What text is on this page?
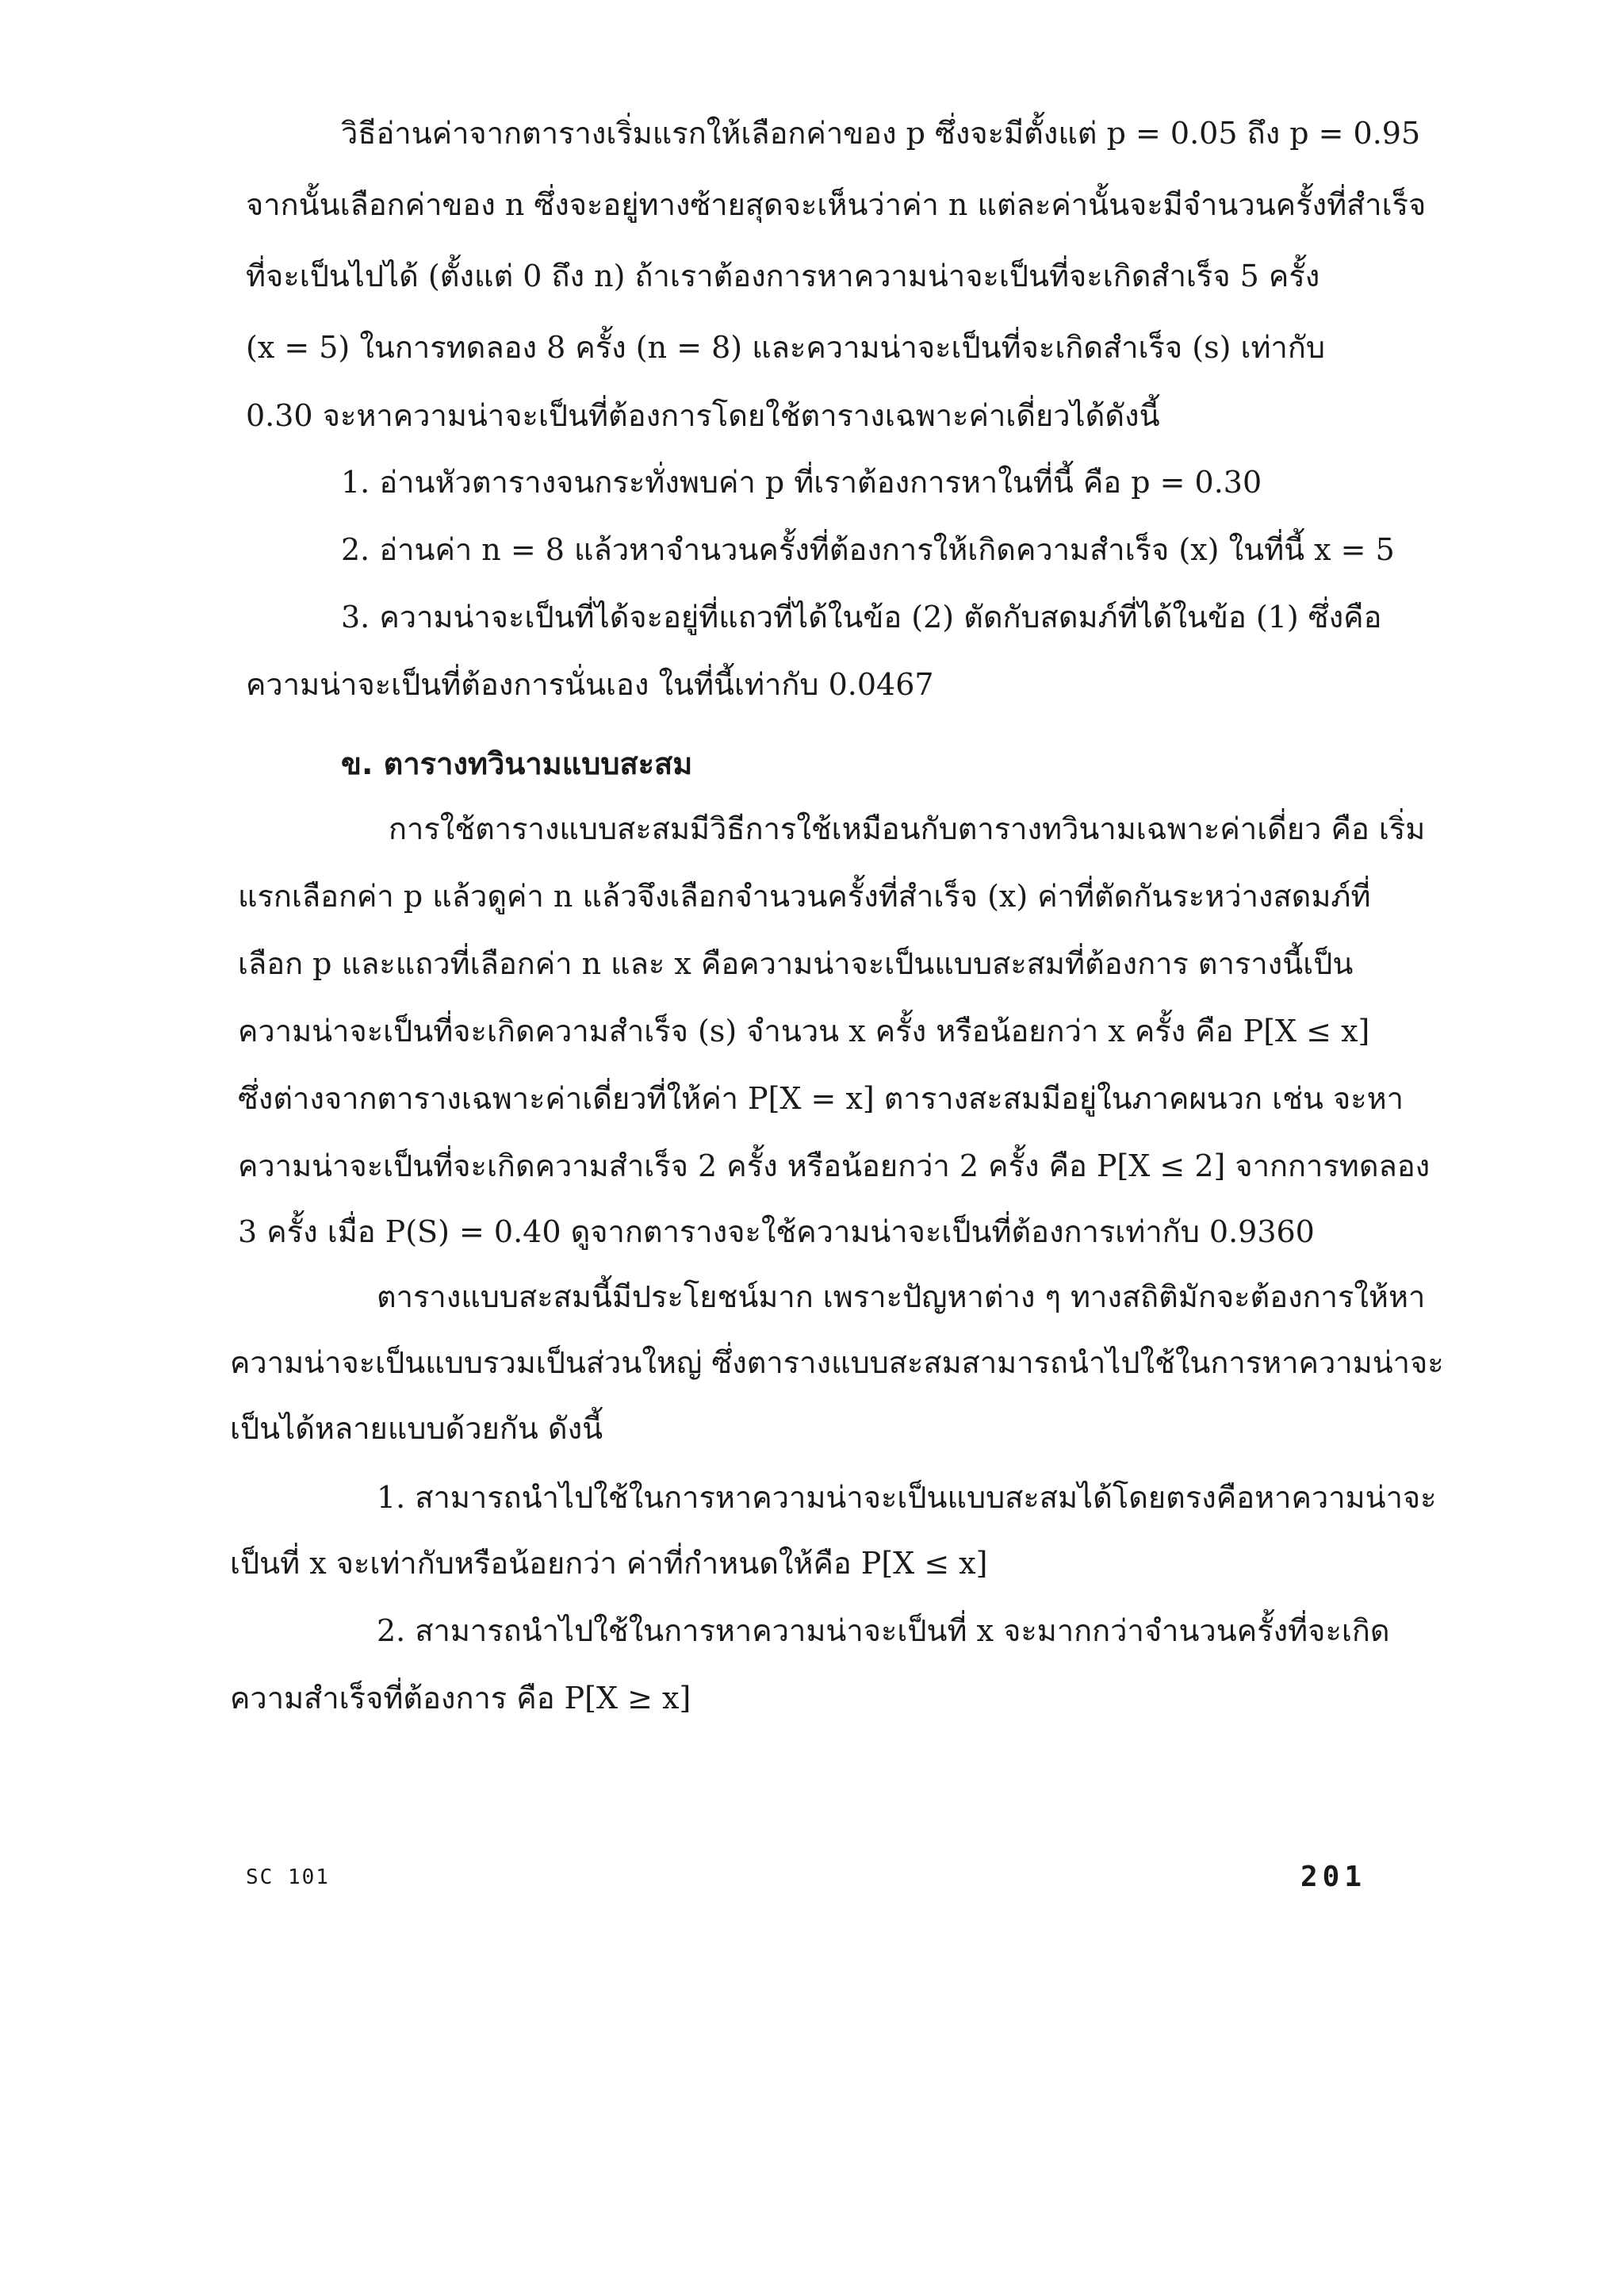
วิธีอ่านค่าจากตารางเริ่มแรกให้เลือกค่าของ p ซึ่งจะมีตั้งแต่ p = 0.05 ถึง p = 0.95
จากนั้นเลือกค่าของ n ซึ่งจะอยู่ทางซ้ายสุดจะเห็นว่าค่า n แต่ละค่านั้นจะมีจำนวนครั้งที่สำเร็จ
ที่จะเป็นไปได้ (ตั้งแต่ 0 ถึง n) ถ้าเราต้องการหาความน่าจะเป็นที่จะเกิดสำเร็จ 5 ครั้ง
(x = 5) ในการทดลอง 8 ครั้ง (n = 8) และความน่าจะเป็นที่จะเกิดสำเร็จ (s) เท่ากับ
0.30 จะหาความน่าจะเป็นที่ต้องการโดยใช้ตารางเฉพาะค่าเดี่ยวได้ดังนี้
1. อ่านหัวตารางจนกระทั่งพบค่า p ที่เราต้องการหาในที่นี้ คือ p = 0.30
2. อ่านค่า n = 8 แล้วหาจำนวนครั้งที่ต้องการให้เกิดความสำเร็จ (x) ในที่นี้ x = 5
3. ความน่าจะเป็นที่ได้จะอยู่ที่แถวที่ได้ในข้อ (2) ตัดกับสดมภ์ที่ได้ในข้อ (1) ซึ่งคือ
ความน่าจะเป็นที่ต้องการนั่นเอง ในที่นี้เท่ากับ 0.0467
ข. ตารางทวินามแบบสะสม
การใช้ตารางแบบสะสมมีวิธีการใช้เหมือนกับตารางทวินามเฉพาะค่าเดี่ยว คือ เริ่ม
แรกเลือกค่า p แล้วดูค่า n แล้วจึงเลือกจำนวนครั้งที่สำเร็จ (x) ค่าที่ตัดกันระหว่างสดมภ์ที่
เลือก p และแถวที่เลือกค่า n และ x คือความน่าจะเป็นแบบสะสมที่ต้องการ ตารางนี้เป็น
ความน่าจะเป็นที่จะเกิดความสำเร็จ (s) จำนวน x ครั้ง หรือน้อยกว่า x ครั้ง คือ P[X ≤ x]
ซึ่งต่างจากตารางเฉพาะค่าเดี่ยวที่ให้ค่า P[X = x] ตารางสะสมมีอยู่ในภาคผนวก เช่น จะหา
ความน่าจะเป็นที่จะเกิดความสำเร็จ 2 ครั้ง หรือน้อยกว่า 2 ครั้ง คือ P[X ≤ 2] จากการทดลอง
3 ครั้ง เมื่อ P(S) = 0.40 ดูจากตารางจะใช้ความน่าจะเป็นที่ต้องการเท่ากับ 0.9360
ตารางแบบสะสมนี้มีประโยชน์มาก เพราะปัญหาต่าง ๆ ทางสถิติมักจะต้องการให้หา
ความน่าจะเป็นแบบรวมเป็นส่วนใหญ่ ซึ่งตารางแบบสะสมสามารถนำไปใช้ในการหาความน่าจะ
เป็นได้หลายแบบด้วยกัน ดังนี้
1. สามารถนำไปใช้ในการหาความน่าจะเป็นแบบสะสมได้โดยตรงคือหาความน่าจะ
เป็นที่ x จะเท่ากับหรือน้อยกว่า ค่าที่กำหนดให้คือ P[X ≤ x]
2. สามารถนำไปใช้ในการหาความน่าจะเป็นที่ x จะมากกว่าจำนวนครั้งที่จะเกิด
ความสำเร็จที่ต้องการ คือ P[X ≥ x]
SC 101	201
